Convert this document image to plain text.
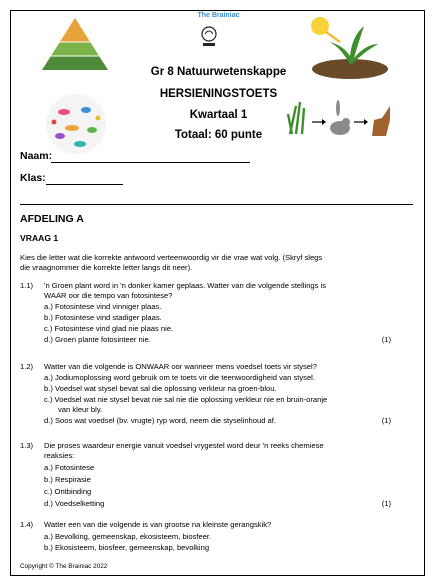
The Brainiac
Gr 8 Natuurwetenskappe
HERSIENINGSTOETS
Kwartaal 1
Totaal: 60 punte
Naam:
Klas:
AFDELING A
VRAAG 1
Kies die letter wat die korrekte antwoord verteenwoordig vir die vrae wat volg. (Skryf slegs
die vraagnommer die korrekte letter langs dit neer).
1.1) 'n Groen plant word in 'n donker kamer geplaas. Watter van die volgende stellings is
WAAR oor die tempo van fotosintese?
a.) Fotosintese vind vinniger plaas.
b.) Fotosintese vind stadiger plaas.
c.) Fotosintese vind glad nie plaas nie.
d.) Groen plante fotosinteer nie.	(1)
1.2) Watter van die volgende is ONWAAR oor wanneer mens voedsel toets vir stysel?
a.) Jodiumoplossing word gebruik om te toets vir die teenwoordigheid van stysel.
b.) Voedsel wat stysel bevat sal die oplossing verkleur na groen-blou.
c.) Voedsel wat nie stysel bevat nie sal nie die oplossing verkleur nie en bruin-oranje
van kleur bly.
d.) Soos wat voedsel (bv. vrugte) ryp word, neem die styselinhoud af.	(1)
1.3) Die proses waardeur energie vanuit voedsel vrygestel word deur 'n reeks chemiese
reaksies:
a.) Fotosintese
b.) Respirasie
c.) Ontbinding
d.) Voedselketting	(1)
1.4) Watter een van die volgende is van grootse na kleinste gerangskik?
a.) Bevolking, gemeenskap, ekosisteem, biosfeer.
b.) Ekosisteem, biosfeer, gemeenskap, bevolking
Copyright © The Brainiac 2022
